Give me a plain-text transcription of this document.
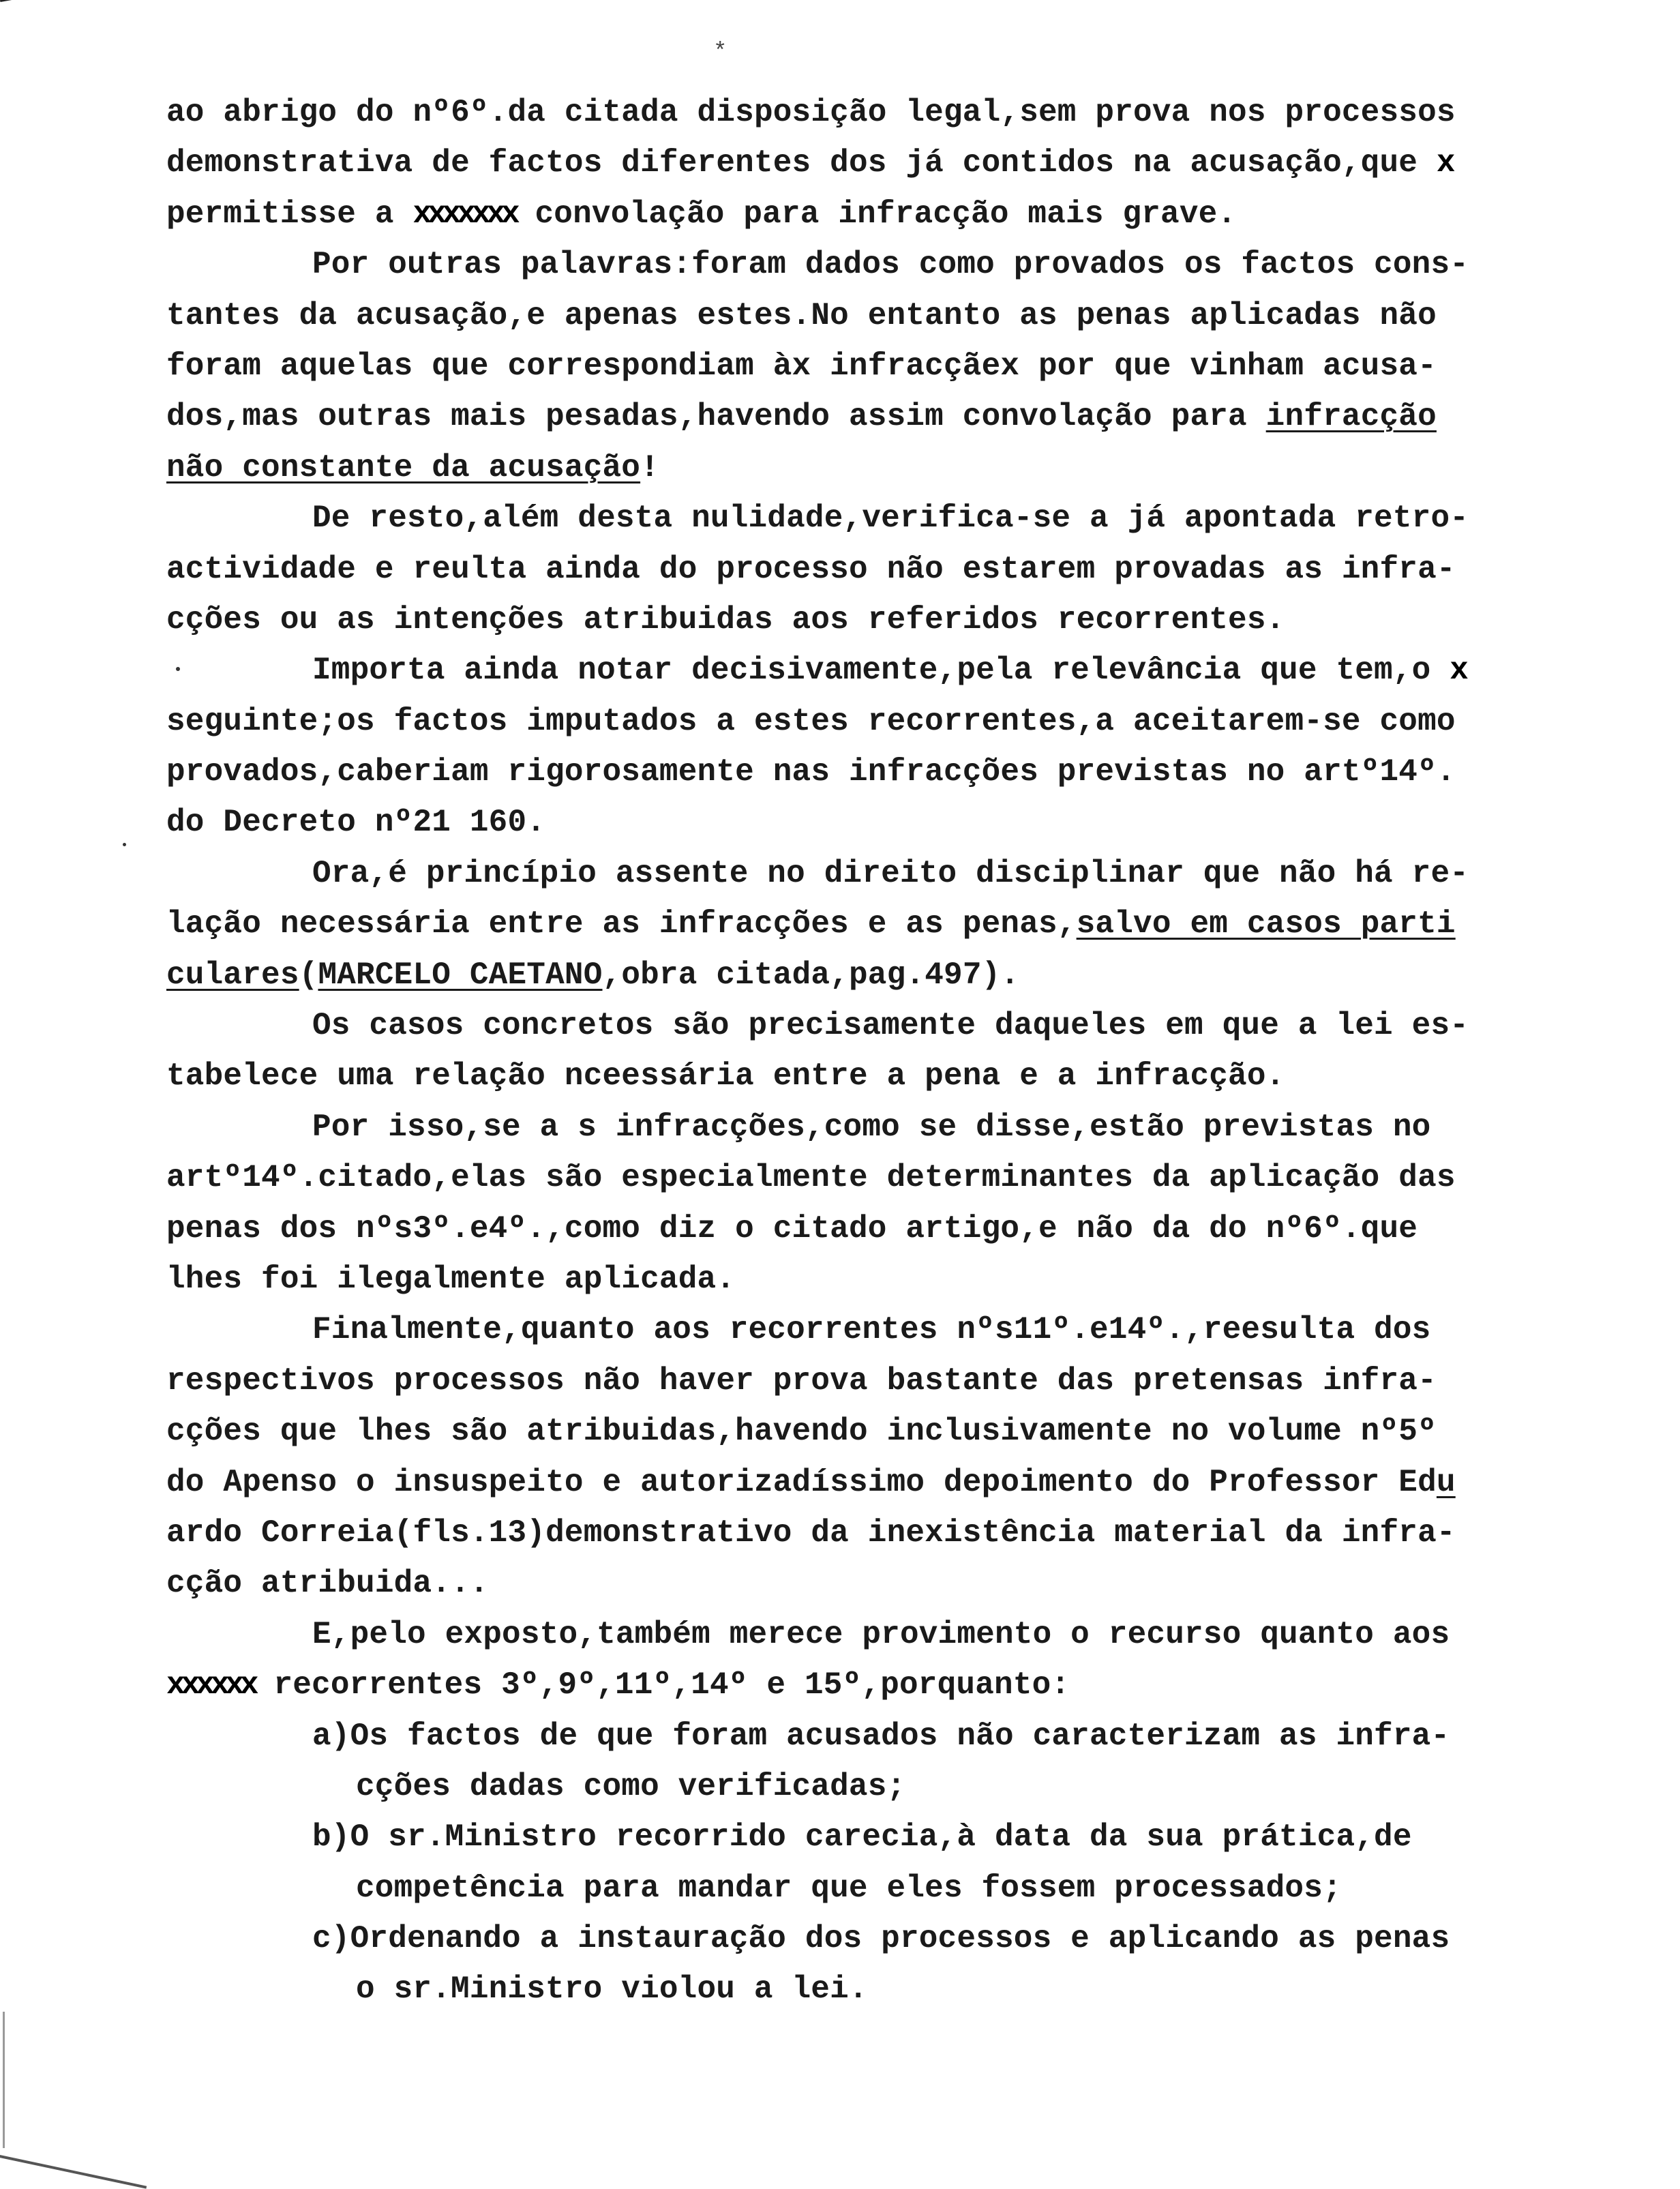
*
ao abrigo do nº6º.da citada disposição legal,sem prova nos processos
demonstrativa de factos diferentes dos já contidos na acusação,que x
permitisse a xxxxxxx convolação para infracção mais grave.
Por outras palavras:foram dados como provados os factos cons-
tantes da acusação,e apenas estes.No entanto as penas aplicadas não
foram aquelas que correspondiam àx infracçãex por que vinham acusa-
dos,mas outras mais pesadas,havendo assim convolação para infracção
não constante da acusação!
De resto,além desta nulidade,verifica-se a já apontada retro-
actividade e reulta ainda do processo não estarem provadas as infra-
cções ou as intenções atribuidas aos referidos recorrentes.
Importa ainda notar decisivamente,pela relevância que tem,o x
seguinte;os factos imputados a estes recorrentes,a aceitarem-se como
provados,caberiam rigorosamente nas infracções previstas no artº14º.
do Decreto nº21 160.
Ora,é princípio assente no direito disciplinar que não há re-
lação necessária entre as infracções e as penas,salvo em casos parti
culares(MARCELO CAETANO,obra citada,pag.497).
Os casos concretos são precisamente daqueles em que a lei es-
tabelece uma relação nceessária entre a pena e a infracção.
Por isso,se a s infracções,como se disse,estão previstas no
artº14º.citado,elas são especialmente determinantes da aplicação das
penas dos nºs3º.e4º.,como diz o citado artigo,e não da do nº6º.que
lhes foi ilegalmente aplicada.
Finalmente,quanto aos recorrentes nºs11º.e14º.,reesulta dos
respectivos processos não haver prova bastante das pretensas infra-
cções que lhes são atribuidas,havendo inclusivamente no volume nº5º
do Apenso o insuspeito e autorizadíssimo depoimento do Professor Edu
ardo Correia(fls.13)demonstrativo da inexistência material da infra-
cção atribuida...
E,pelo exposto,também merece provimento o recurso quanto aos
xxxxxx recorrentes 3º,9º,11º,14º e 15º,porquanto:
a)Os factos de que foram acusados não caracterizam as infra-
cções dadas como verificadas;
b)O sr.Ministro recorrido carecia,à data da sua prática,de
competência para mandar que eles fossem processados;
c)Ordenando a instauração dos processos e aplicando as penas
o sr.Ministro violou a lei.
